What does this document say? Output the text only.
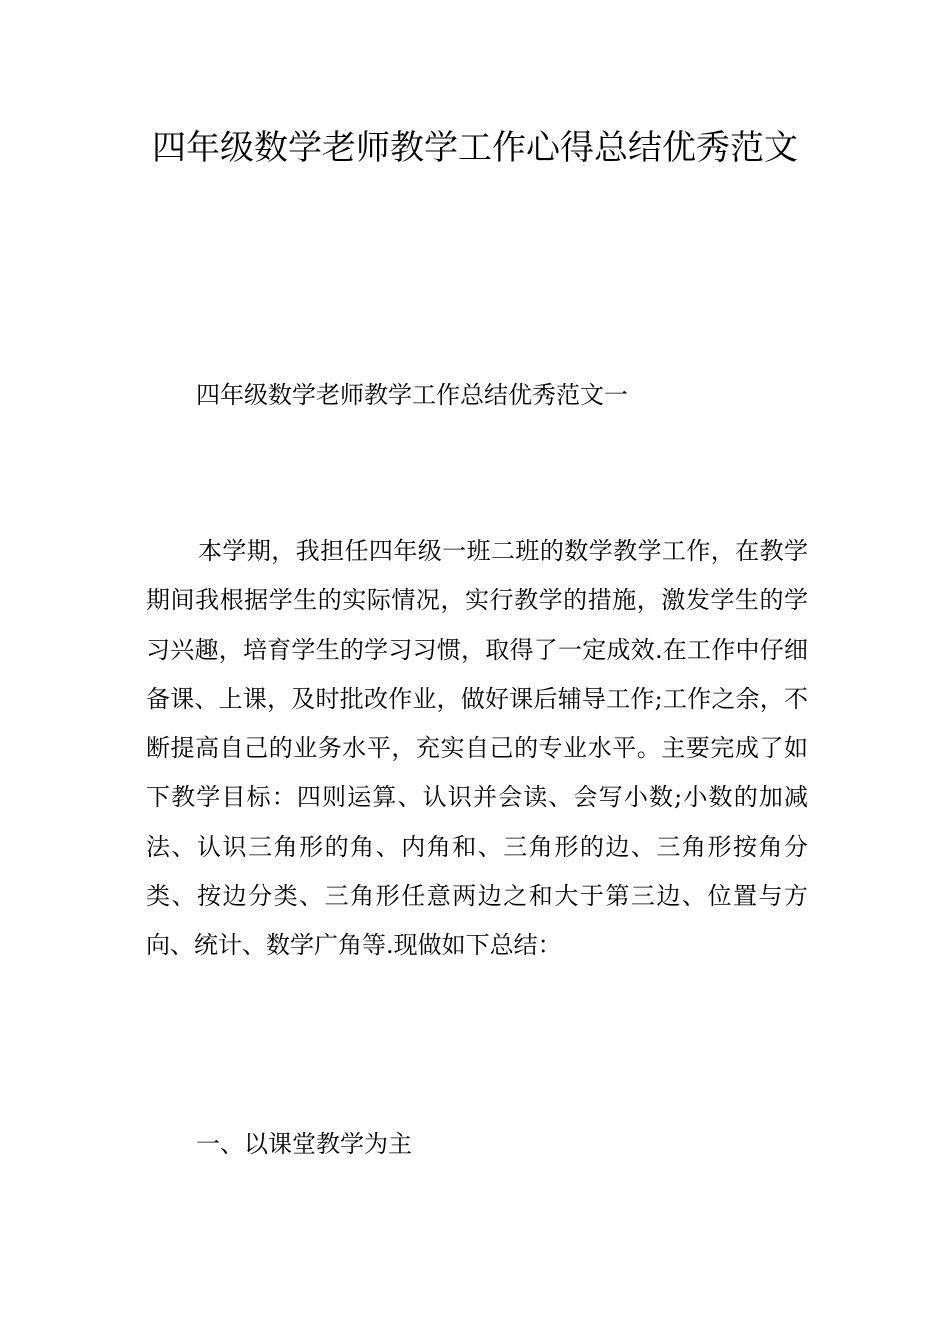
四年级数学老师教学工作心得总结优秀范文

四年级数学老师教学工作总结优秀范文一

本学期，我担任四年级一班二班的数学教学工作，在教学期间我根据学生的实际情况，实行教学的措施，激发学生的学习兴趣，培育学生的学习习惯，取得了一定成效.在工作中仔细备课、上课，及时批改作业，做好课后辅导工作;工作之余，不断提高自己的业务水平，充实自己的专业水平。主要完成了如下教学目标：四则运算、认识并会读、会写小数;小数的加减法、认识三角形的角、内角和、三角形的边、三角形按角分类、按边分类、三角形任意两边之和大于第三边、位置与方向、统计、数学广角等.现做如下总结：

一、以课堂教学为主
